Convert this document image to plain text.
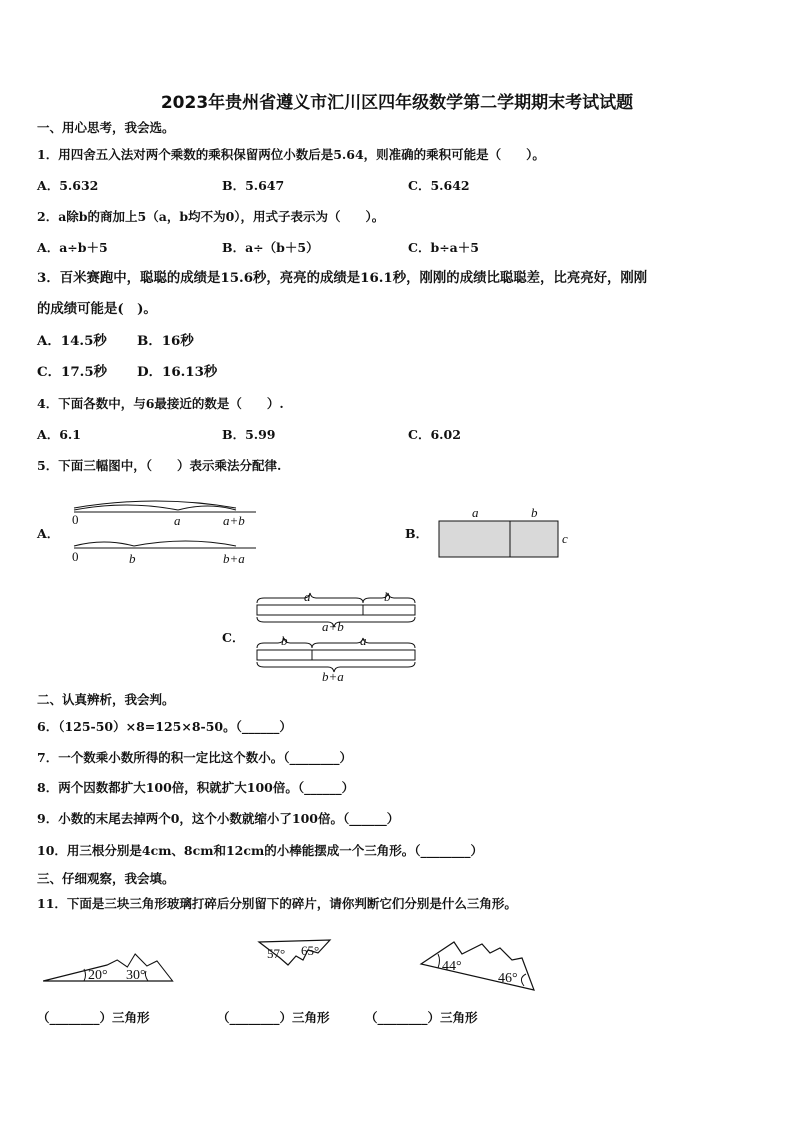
2023年贵州省遵义市汇川区四年级数学第二学期期末考试试题
一、用心思考，我会选。
1．用四舍五入法对两个乘数的乘积保留两位小数后是5.64，则准确的乘积可能是（　　）。
A．5.632	B．5.647	C．5.642
2．a除b的商加上5（a，b均不为0），用式子表示为（　　）。
A．a÷b＋5	B．a÷（b＋5）	C．b÷a＋5
3．百米赛跑中，聪聪的成绩是15.6秒，亮亮的成绩是16.1秒，刚刚的成绩比聪聪差，比亮亮好，刚刚
的成绩可能是(　)。
A．14.5秒 B．16秒
C．17.5秒 D．16.13秒
4．下面各数中，与6最接近的数是（　　）.
A．6.1	B．5.99	C．6.02
5．下面三幅图中，（　　）表示乘法分配律.
A．
0	a	a+b
0	b	b+a
B．
a	b
c
C．
a	b
a+b
b	a
b+a
二、认真辨析，我会判。
6．（125-50）×8=125×8-50。（______）
7．一个数乘小数所得的积一定比这个数小。（________）
8．两个因数都扩大100倍，积就扩大100倍。（______）
9．小数的末尾去掉两个0，这个小数就缩小了100倍。（______）
10．用三根分别是4cm、8cm和12cm的小棒能摆成一个三角形。（________）
三、仔细观察，我会填。
11．下面是三块三角形玻璃打碎后分别留下的碎片，请你判断它们分别是什么三角形。
20° 30°
57° 65°
44°
46°
（________）三角形	（________）三角形	（________）三角形
